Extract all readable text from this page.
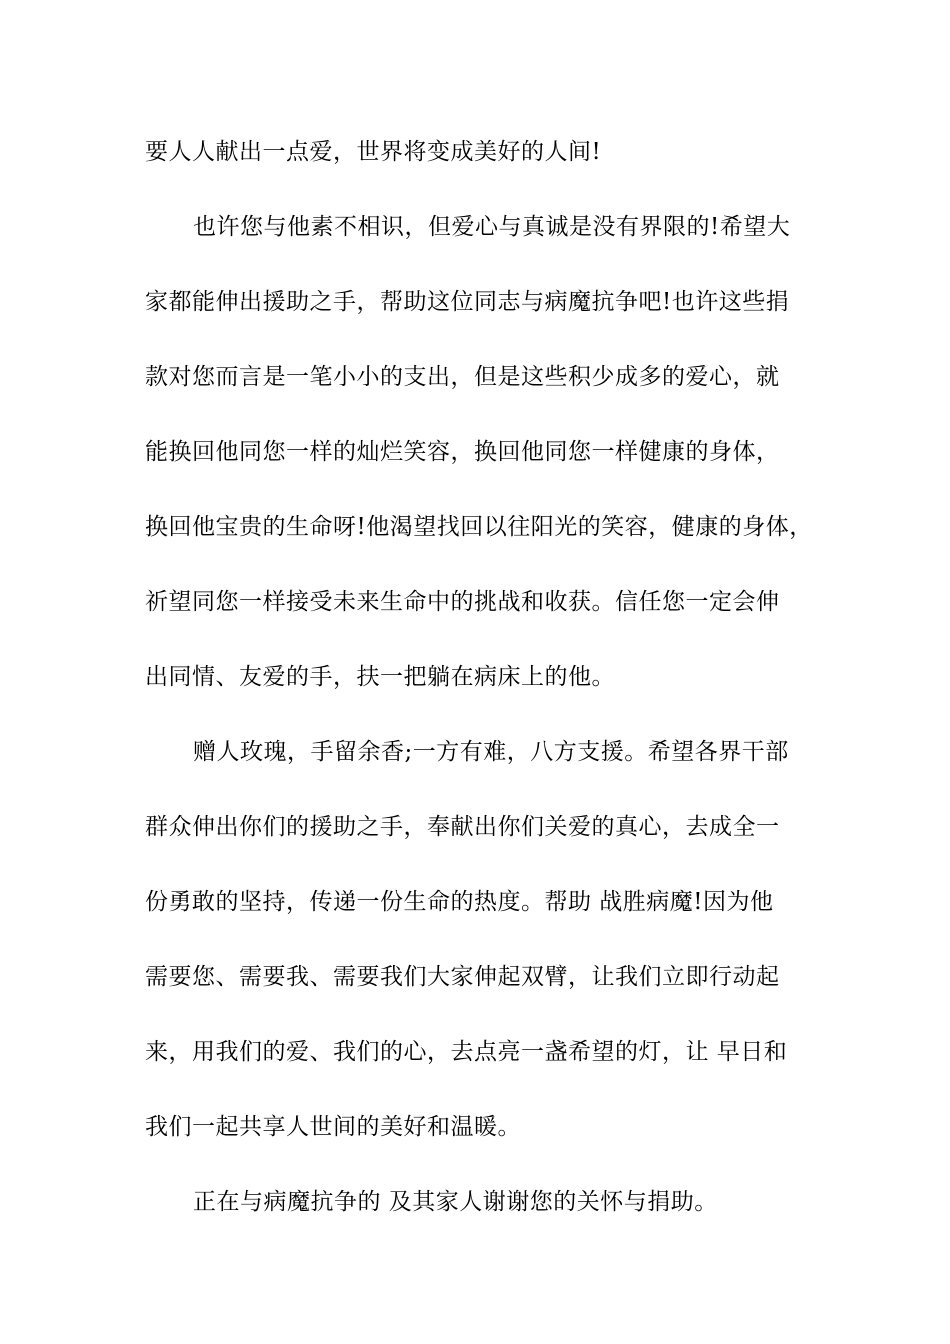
要人人献出一点爱，世界将变成美好的人间!
也许您与他素不相识，但爱心与真诚是没有界限的!希望大
家都能伸出援助之手，帮助这位同志与病魔抗争吧!也许这些捐
款对您而言是一笔小小的支出，但是这些积少成多的爱心，就
能换回他同您一样的灿烂笑容，换回他同您一样健康的身体，
换回他宝贵的生命呀!他渴望找回以往阳光的笑容，健康的身体，
祈望同您一样接受未来生命中的挑战和收获。信任您一定会伸
出同情、友爱的手，扶一把躺在病床上的他。
赠人玫瑰，手留余香;一方有难，八方支援。希望各界干部
群众伸出你们的援助之手，奉献出你们关爱的真心，去成全一
份勇敢的坚持，传递一份生命的热度。帮助 战胜病魔!因为他
需要您、需要我、需要我们大家伸起双臂，让我们立即行动起
来，用我们的爱、我们的心，去点亮一盏希望的灯，让 早日和
我们一起共享人世间的美好和温暖。
正在与病魔抗争的 及其家人谢谢您的关怀与捐助。
